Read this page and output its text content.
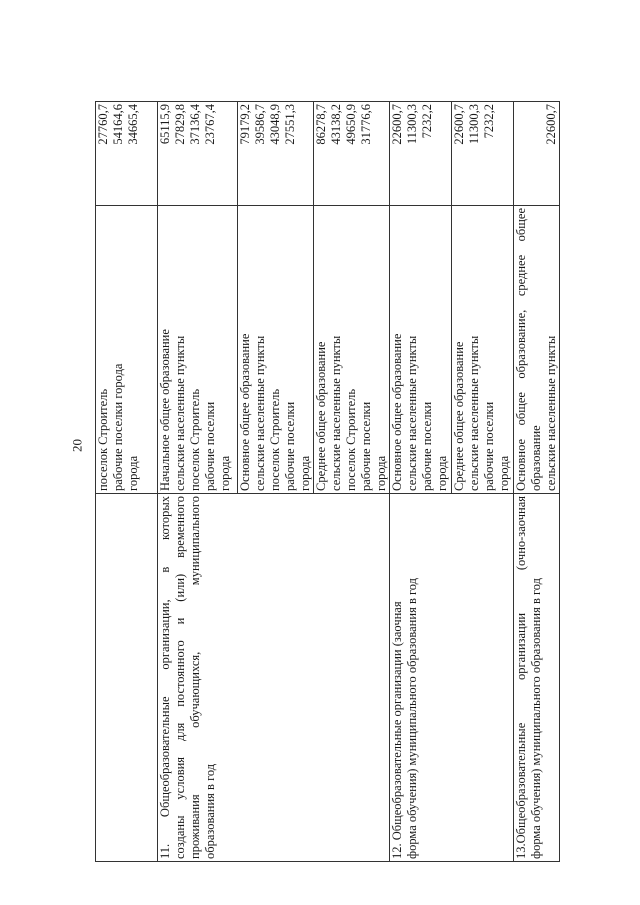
20

	поселок Строитель рабочие поселки города города	27760,7 54164,6 34665,4

11. Общеобразовательные организации, в которых созданы условия для постоянного и (или) временного проживания обучающихся, муниципального образования в год	Начальное общее образование сельские населенные пункты поселок Строитель рабочие поселки города	65115,9 27829,8 37136,4 23767,4

	Основное общее образование сельские населенные пункты поселок Строитель рабочие поселки города	79179,2 39586,7 43048,9 27551,3

	Среднее общее образование сельские населенные пункты поселок Строитель рабочие поселки города	86278,7 43138,2 49650,9 31776,6

12. Общеобразовательные организации (заочная форма обучения) муниципального образования в год	Основное общее образование сельские населенные пункты рабочие поселки города	22600,7 11300,3 7232,2

	Среднее общее образование сельские населенные пункты рабочие поселки города	22600,7 11300,3 7232,2

13.Общеобразовательные организации (очно-заочная форма обучения) муниципального образования в год	Основное общее образование, среднее общее образование сельские населенные пункты	22600,7
